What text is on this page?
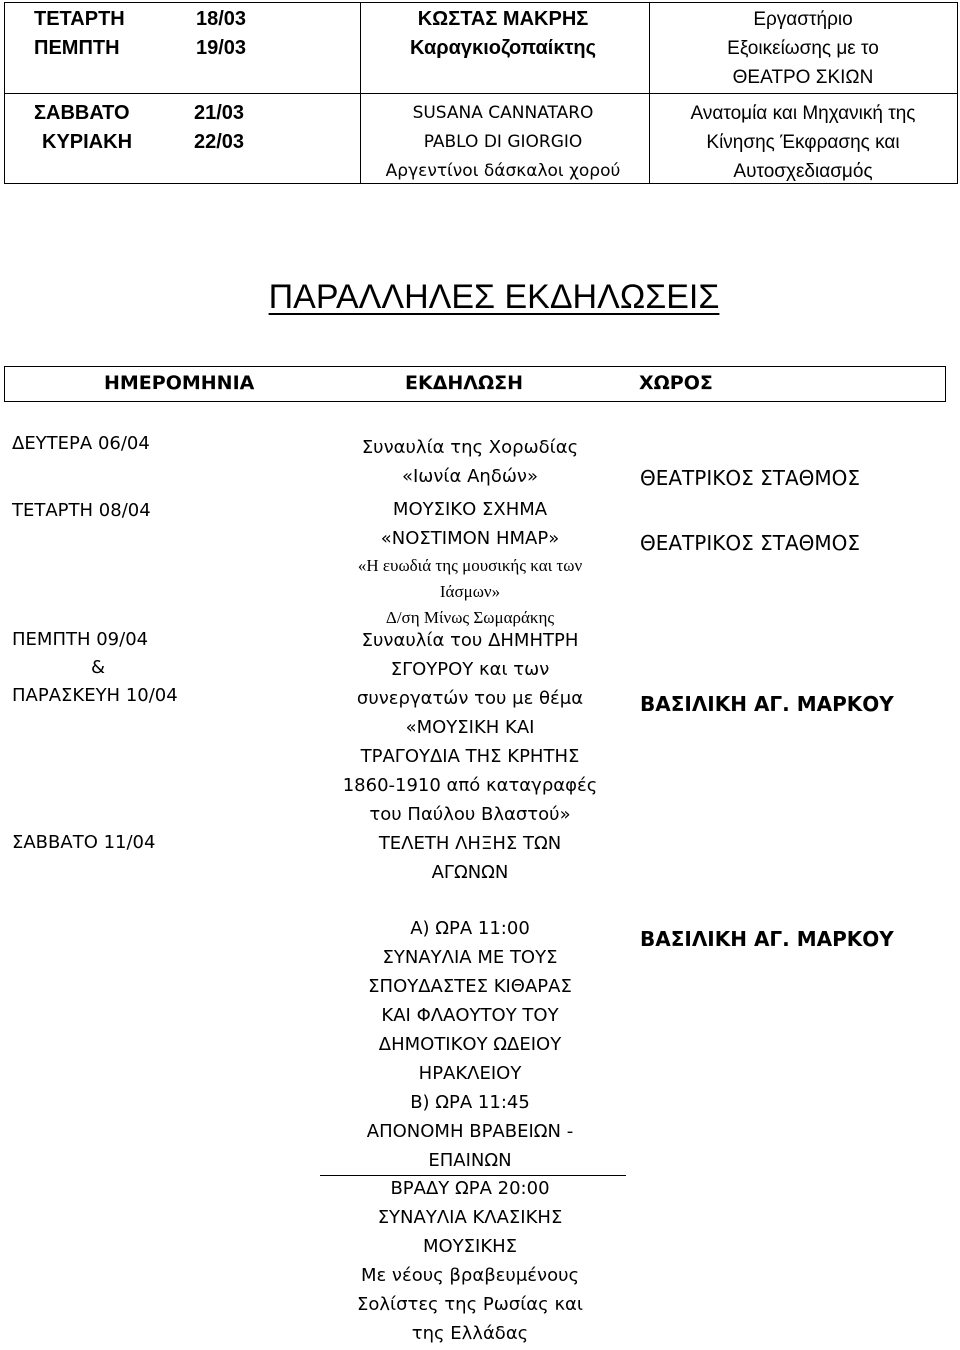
ΤΕΤΑΡΤΗ
ΠΕΜΠΤΗ
18/03
19/03
ΚΩΣΤΑΣ ΜΑΚΡΗΣ
Καραγκιοζοπαίκτης
Εργαστήριο
Εξοικείωσης με το
ΘΕΑΤΡΟ ΣΚΙΩΝ
ΣΑΒΒΑΤΟ
ΚΥΡΙΑΚΗ
21/03
22/03
SUSANA CANNATARO
PABLO DI GIORGIO
Αργεντίνοι δάσκαλοι χορού
Ανατομία και Μηχανική της
Κίνησης Έκφρασης και
Αυτοσχεδιασμός
ΠΑΡΑΛΛΗΛΕΣ ΕΚΔΗΛΩΣΕΙΣ
ΗΜΕΡΟΜΗΝΙΑ	ΕΚΔΗΛΩΣΗ	ΧΩΡΟΣ
ΔΕΥΤΕΡΑ 06/04
ΤΕΤΑΡΤΗ 08/04
ΠΕΜΠΤΗ 09/04
&
ΠΑΡΑΣΚΕΥΗ 10/04
ΣΑΒΒΑΤΟ 11/04
Συναυλία της Χορωδίας
«Ιωνία Αηδών»
ΜΟΥΣΙΚΟ ΣΧΗΜΑ
«ΝΟΣΤΙΜΟΝ ΗΜΑΡ»
«Η ευωδιά της μουσικής και των
Ιάσμων»
Δ/ση Μίνως Σωμαράκης
Συναυλία του ΔΗΜΗΤΡΗ
ΣΓΟΥΡΟΥ και των
συνεργατών του με θέμα
«ΜΟΥΣΙΚΗ ΚΑΙ
ΤΡΑΓΟΥΔΙΑ ΤΗΣ ΚΡΗΤΗΣ
1860-1910 από καταγραφές
του Παύλου Βλαστού»
ΤΕΛΕΤΗ ΛΗΞΗΣ ΤΩΝ
ΑΓΩΝΩΝ
Α) ΩΡΑ 11:00
ΣΥΝΑΥΛΙΑ ΜΕ ΤΟΥΣ
ΣΠΟΥΔΑΣΤΕΣ ΚΙΘΑΡΑΣ
ΚΑΙ ΦΛΑΟΥΤΟΥ ΤΟΥ
ΔΗΜΟΤΙΚΟΥ ΩΔΕΙΟΥ
ΗΡΑΚΛΕΙΟΥ
Β) ΩΡΑ 11:45
ΑΠΟΝΟΜΗ ΒΡΑΒΕΙΩΝ -
ΕΠΑΙΝΩΝ
ΒΡΑΔΥ ΩΡΑ 20:00
ΣΥΝΑΥΛΙΑ ΚΛΑΣΙΚΗΣ
ΜΟΥΣΙΚΗΣ
Με νέους βραβευμένους
Σολίστες της Ρωσίας και
της Ελλάδας
ΘΕΑΤΡΙΚΟΣ ΣΤΑΘΜΟΣ
ΘΕΑΤΡΙΚΟΣ ΣΤΑΘΜΟΣ
ΒΑΣΙΛΙΚΗ ΑΓ. ΜΑΡΚΟΥ
ΒΑΣΙΛΙΚΗ ΑΓ. ΜΑΡΚΟΥ
